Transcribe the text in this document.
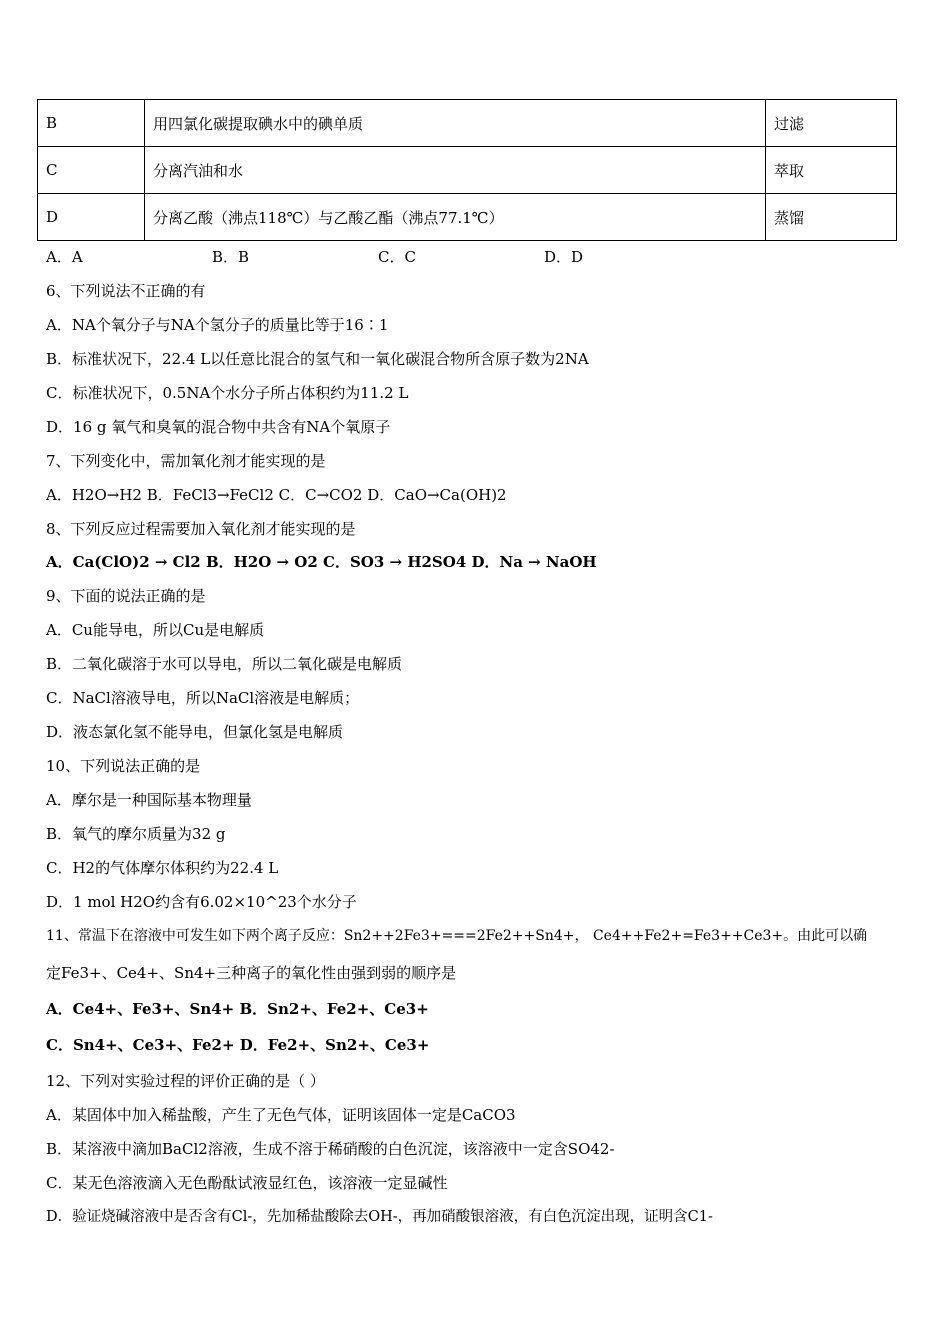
B	用四氯化碳提取碘水中的碘单质	过滤
C	分离汽油和水	萃取
D	分离乙酸（沸点118℃）与乙酸乙酯（沸点77.1℃）	蒸馏
A．A	B．B	C．C	D．D
6、下列说法不正确的有
A．NA个氧分子与NA个氢分子的质量比等于16∶1
B．标准状况下，22.4 L以任意比混合的氢气和一氧化碳混合物所含原子数为2NA
C．标准状况下，0.5NA个水分子所占体积约为11.2 L
D．16 g 氧气和臭氧的混合物中共含有NA个氧原子
7、下列变化中，需加氧化剂才能实现的是
A．H2O→H2 B．FeCl3→FeCl2 C．C→CO2 D．CaO→Ca(OH)2
8、下列反应过程需要加入氧化剂才能实现的是
A．Ca(ClO)2 → Cl2 B．H2O → O2 C．SO3 → H2SO4 D．Na → NaOH
9、下面的说法正确的是
A．Cu能导电，所以Cu是电解质
B．二氧化碳溶于水可以导电，所以二氧化碳是电解质
C．NaCl溶液导电，所以NaCl溶液是电解质；
D．液态氯化氢不能导电，但氯化氢是电解质
10、下列说法正确的是
A．摩尔是一种国际基本物理量
B．氧气的摩尔质量为32 g
C．H2的气体摩尔体积约为22.4 L
D．1 mol H2O约含有6.02×10^23个水分子
11、常温下在溶液中可发生如下两个离子反应：Sn2++2Fe3+===2Fe2++Sn4+， Ce4++Fe2+=Fe3++Ce3+。由此可以确
定Fe3+、Ce4+、Sn4+三种离子的氧化性由强到弱的顺序是
A．Ce4+、Fe3+、Sn4+ B．Sn2+、Fe2+、Ce3+
C．Sn4+、Ce3+、Fe2+ D．Fe2+、Sn2+、Ce3+
12、下列对实验过程的评价正确的是（ ）
A．某固体中加入稀盐酸，产生了无色气体，证明该固体一定是CaCO3
B．某溶液中滴加BaCl2溶液，生成不溶于稀硝酸的白色沉淀，该溶液中一定含SO42-
C．某无色溶液滴入无色酚酞试液显红色，该溶液一定显碱性
D．验证烧碱溶液中是否含有Cl-，先加稀盐酸除去OH-，再加硝酸银溶液，有白色沉淀出现，证明含C1-
